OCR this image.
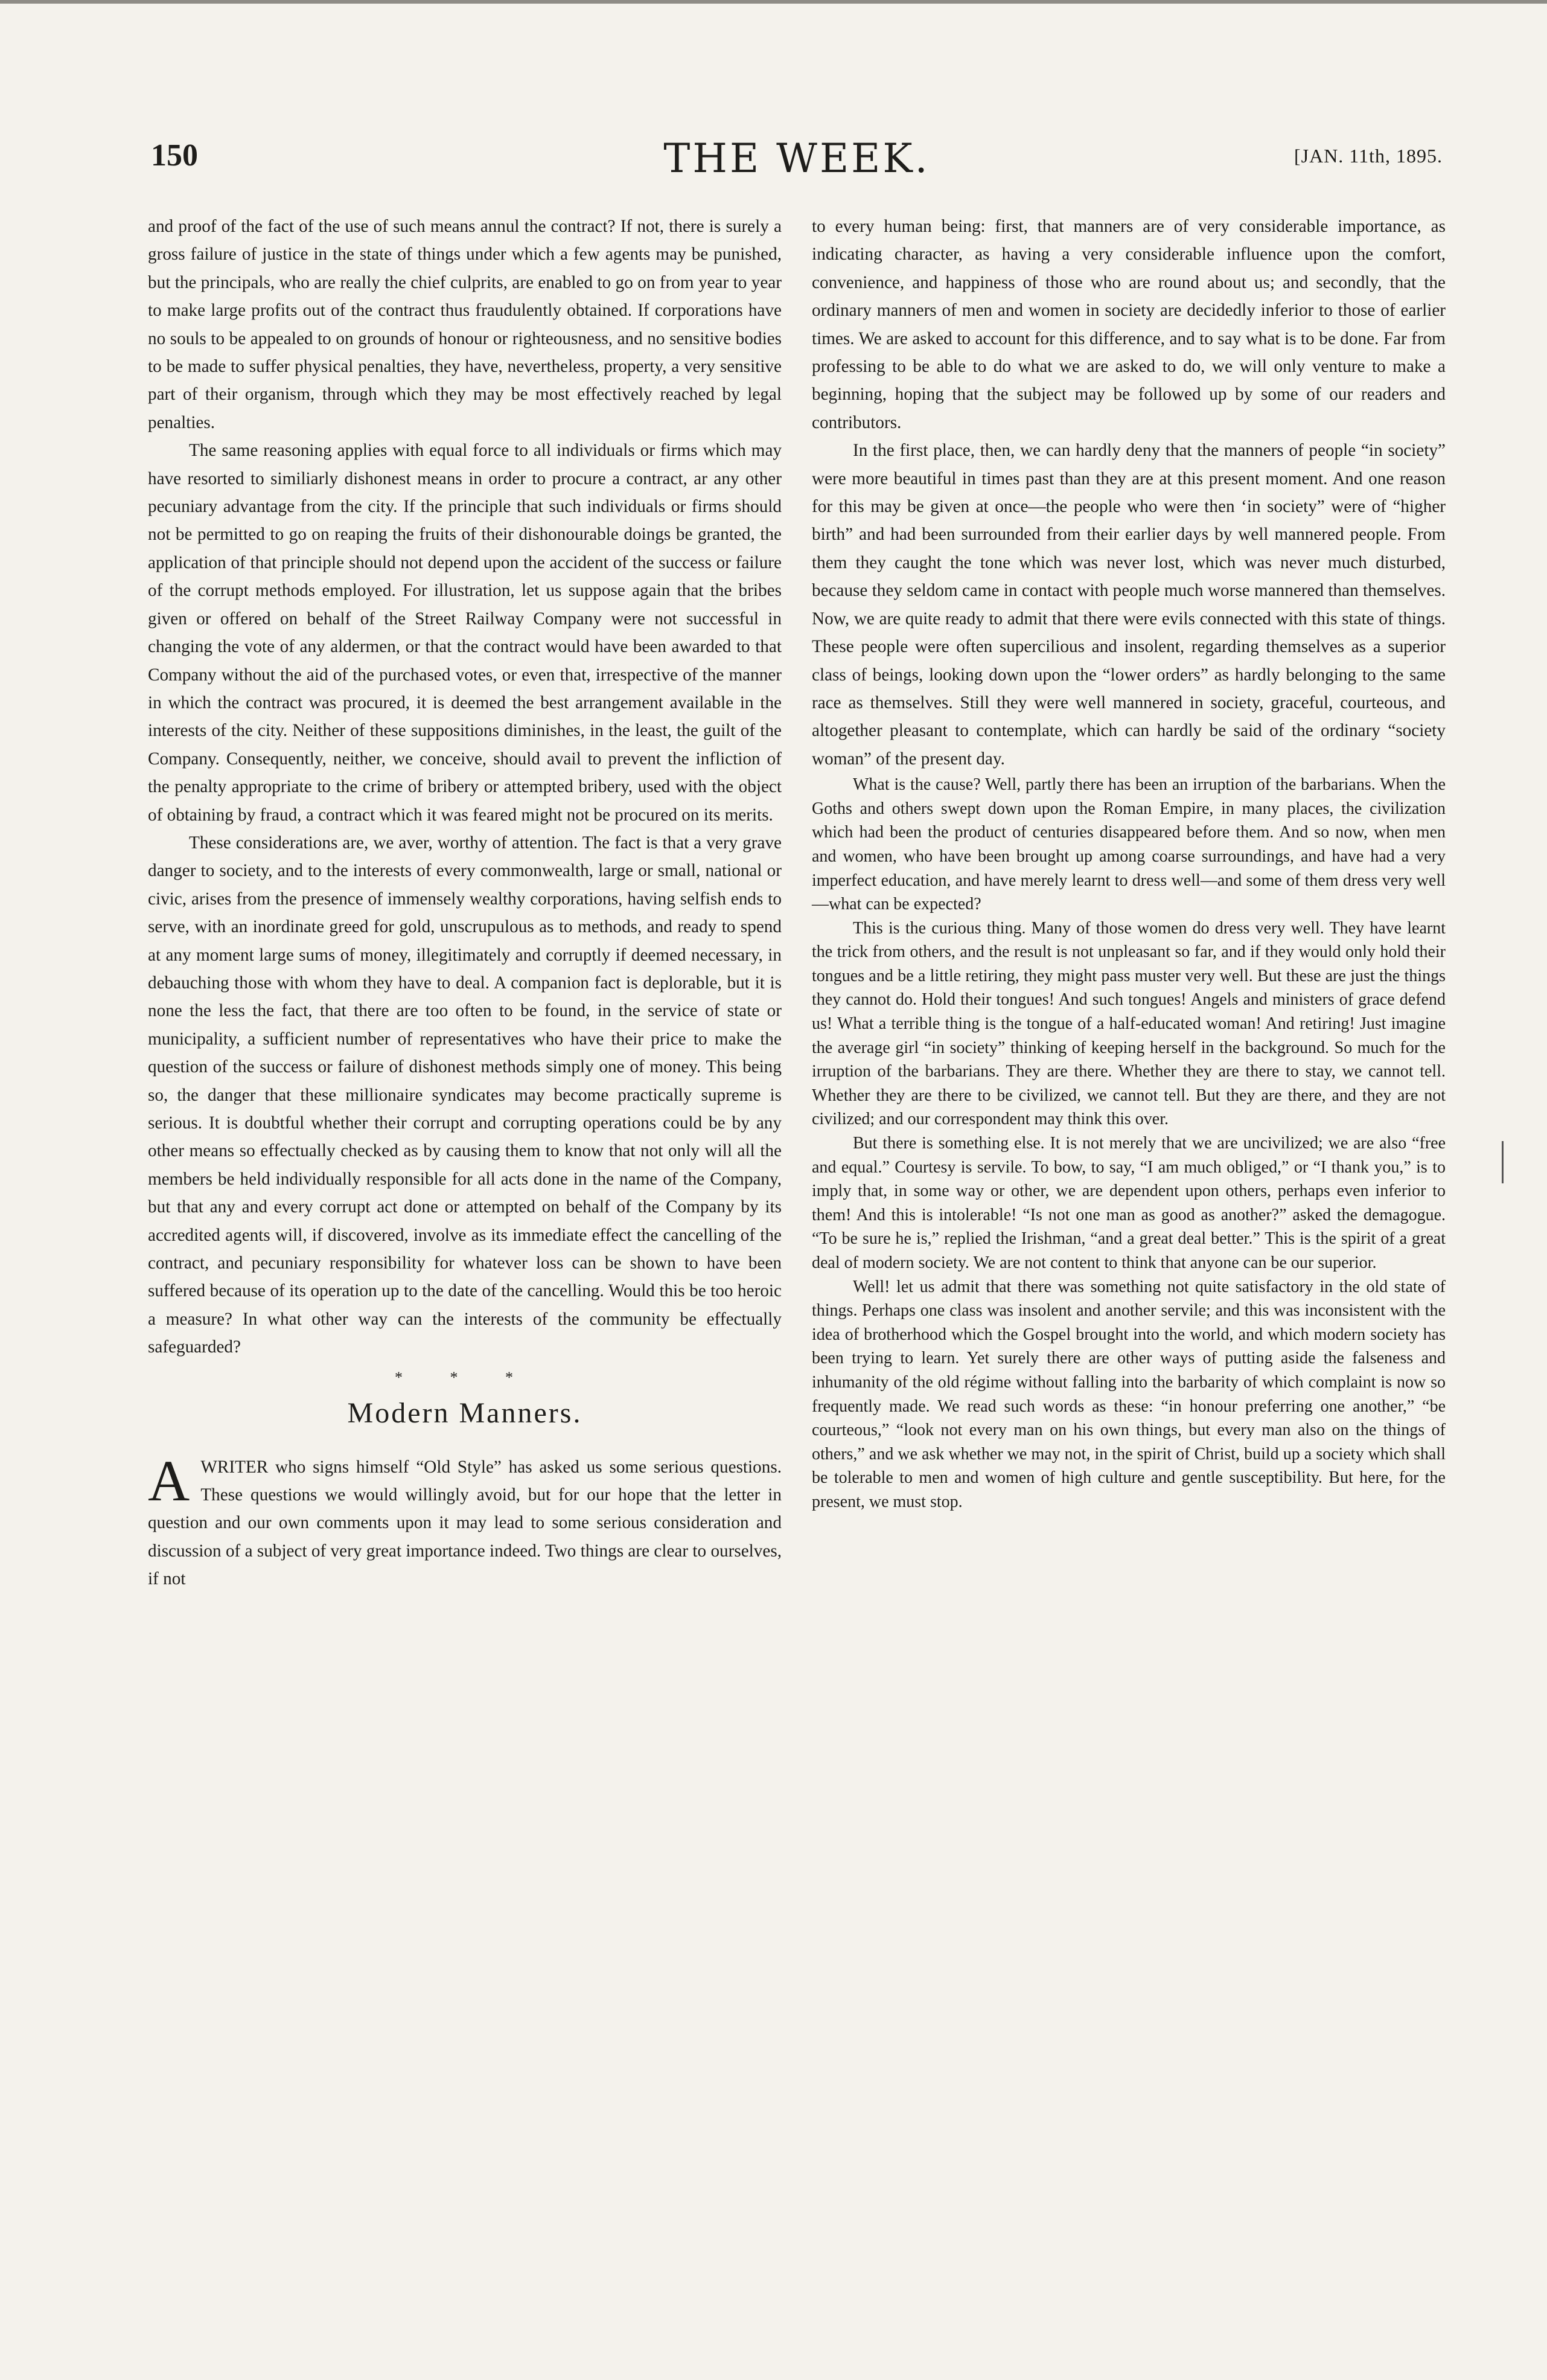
150	THE WEEK.	[JAN. 11th, 1895.

and proof of the fact of the use of such means annul the contract? If not, there is surely a gross failure of justice in the state of things under which a few agents may be punished, but the principals, who are really the chief culprits, are enabled to go on from year to year to make large profits out of the contract thus fraudulently obtained. If corporations have no souls to be appealed to on grounds of honour or righteousness, and no sensitive bodies to be made to suffer physical penalties, they have, nevertheless, property, a very sensitive part of their organism, through which they may be most effectively reached by legal penalties.

The same reasoning applies with equal force to all individuals or firms which may have resorted to similiarly dishonest means in order to procure a contract, ar any other pecuniary advantage from the city. If the principle that such individuals or firms should not be permitted to go on reaping the fruits of their dishonourable doings be granted, the application of that principle should not depend upon the accident of the success or failure of the corrupt methods employed. For illustration, let us suppose again that the bribes given or offered on behalf of the Street Railway Company were not successful in changing the vote of any aldermen, or that the contract would have been awarded to that Company without the aid of the purchased votes, or even that, irrespective of the manner in which the contract was procured, it is deemed the best arrangement available in the interests of the city. Neither of these suppositions diminishes, in the least, the guilt of the Company. Consequently, neither, we conceive, should avail to prevent the infliction of the penalty appropriate to the crime of bribery or attempted bribery, used with the object of obtaining by fraud, a contract which it was feared might not be procured on its merits.

These considerations are, we aver, worthy of attention. The fact is that a very grave danger to society, and to the interests of every commonwealth, large or small, national or civic, arises from the presence of immensely wealthy corporations, having selfish ends to serve, with an inordinate greed for gold, unscrupulous as to methods, and ready to spend at any moment large sums of money, illegitimately and corruptly if deemed necessary, in debauching those with whom they have to deal. A companion fact is deplorable, but it is none the less the fact, that there are too often to be found, in the service of state or municipality, a sufficient number of representatives who have their price to make the question of the success or failure of dishonest methods simply one of money. This being so, the danger that these millionaire syndicates may become practically supreme is serious. It is doubtful whether their corrupt and corrupting operations could be by any other means so effectually checked as by causing them to know that not only will all the members be held individually responsible for all acts done in the name of the Company, but that any and every corrupt act done or attempted on behalf of the Company by its accredited agents will, if discovered, involve as its immediate effect the cancelling of the contract, and pecuniary responsibility for whatever loss can be shown to have been suffered because of its operation up to the date of the cancelling. Would this be too heroic a measure? In what other way can the interests of the community be effectually safeguarded?

* * *
Modern Manners.

AWRITER who signs himself “Old Style” has asked us some serious questions. These questions we would willingly avoid, but for our hope that the letter in question and our own comments upon it may lead to some serious consideration and discussion of a subject of very great importance indeed. Two things are clear to ourselves, if not

to every human being: first, that manners are of very considerable importance, as indicating character, as having a very considerable influence upon the comfort, convenience, and happiness of those who are round about us; and secondly, that the ordinary manners of men and women in society are decidedly inferior to those of earlier times. We are asked to account for this difference, and to say what is to be done. Far from professing to be able to do what we are asked to do, we will only venture to make a beginning, hoping that the subject may be followed up by some of our readers and contributors.

In the first place, then, we can hardly deny that the manners of people “in society” were more beautiful in times past than they are at this present moment. And one reason for this may be given at once—the people who were then ‘in society” were of “higher birth” and had been surrounded from their earlier days by well mannered people. From them they caught the tone which was never lost, which was never much disturbed, because they seldom came in contact with people much worse mannered than themselves. Now, we are quite ready to admit that there were evils connected with this state of things. These people were often supercilious and insolent, regarding themselves as a superior class of beings, looking down upon the “lower orders” as hardly belonging to the same race as themselves. Still they were well mannered in society, graceful, courteous, and altogether pleasant to contemplate, which can hardly be said of the ordinary “society woman” of the present day.

What is the cause? Well, partly there has been an irruption of the barbarians. When the Goths and others swept down upon the Roman Empire, in many places, the civilization which had been the product of centuries disappeared before them. And so now, when men and women, who have been brought up among coarse surroundings, and have had a very imperfect education, and have merely learnt to dress well—and some of them dress very well—what can be expected?

This is the curious thing. Many of those women do dress very well. They have learnt the trick from others, and the result is not unpleasant so far, and if they would only hold their tongues and be a little retiring, they might pass muster very well. But these are just the things they cannot do. Hold their tongues! And such tongues! Angels and ministers of grace defend us! What a terrible thing is the tongue of a half-educated woman! And retiring! Just imagine the average girl “in society” thinking of keeping herself in the background. So much for the irruption of the barbarians. They are there. Whether they are there to stay, we cannot tell. Whether they are there to be civilized, we cannot tell. But they are there, and they are not civilized; and our correspondent may think this over.

But there is something else. It is not merely that we are uncivilized; we are also “free and equal.” Courtesy is servile. To bow, to say, “I am much obliged,” or “I thank you,” is to imply that, in some way or other, we are dependent upon others, perhaps even inferior to them! And this is intolerable! “Is not one man as good as another?” asked the demagogue. “To be sure he is,” replied the Irishman, “and a great deal better.” This is the spirit of a great deal of modern society. We are not content to think that anyone can be our superior.

Well! let us admit that there was something not quite satisfactory in the old state of things. Perhaps one class was insolent and another servile; and this was inconsistent with the idea of brotherhood which the Gospel brought into the world, and which modern society has been trying to learn. Yet surely there are other ways of putting aside the falseness and inhumanity of the old régime without falling into the barbarity of which complaint is now so frequently made. We read such words as these: “in honour preferring one another,” “be courteous,” “look not every man on his own things, but every man also on the things of others,” and we ask whether we may not, in the spirit of Christ, build up a society which shall be tolerable to men and women of high culture and gentle susceptibility. But here, for the present, we must stop.
